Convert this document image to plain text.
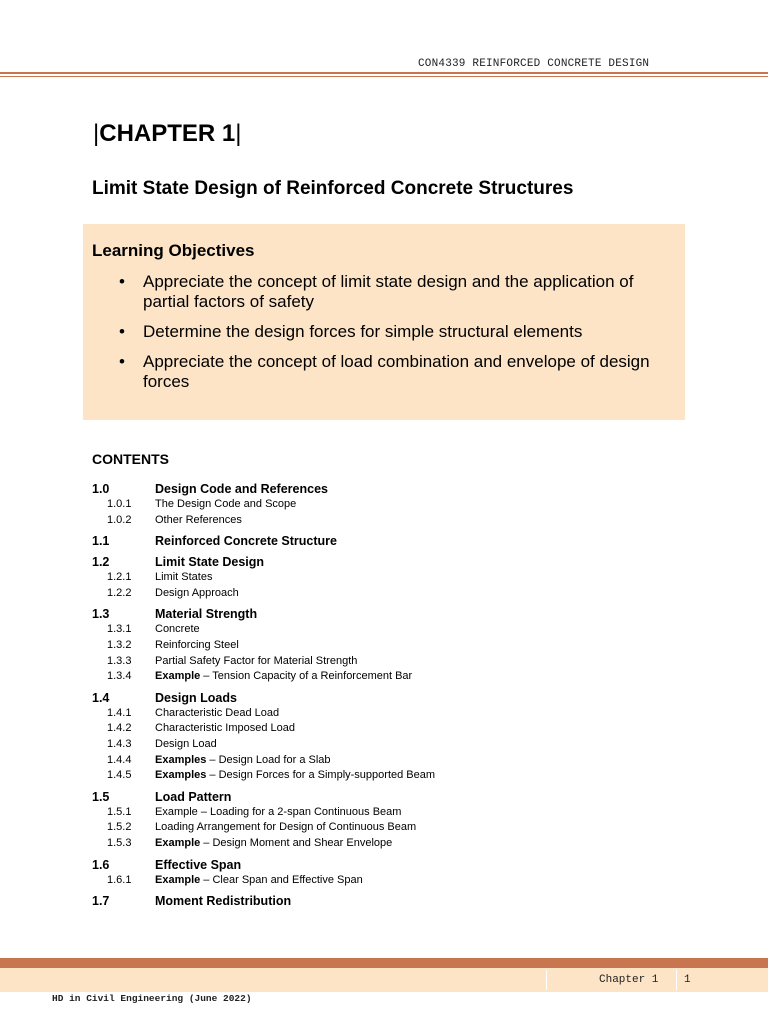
CON4339 REINFORCED CONCRETE DESIGN
|CHAPTER 1|
Limit State Design of Reinforced Concrete Structures
Learning Objectives
• Appreciate the concept of limit state design and the application of partial factors of safety
• Determine the design forces for simple structural elements
• Appreciate the concept of load combination and envelope of design forces
CONTENTS
1.0	Design Code and References
1.0.1 The Design Code and Scope
1.0.2 Other References
1.1	Reinforced Concrete Structure
1.2	Limit State Design
1.2.1 Limit States
1.2.2 Design Approach
1.3	Material Strength
1.3.1 Concrete
1.3.2 Reinforcing Steel
1.3.3 Partial Safety Factor for Material Strength
1.3.4 Example – Tension Capacity of a Reinforcement Bar
1.4	Design Loads
1.4.1 Characteristic Dead Load
1.4.2 Characteristic Imposed Load
1.4.3 Design Load
1.4.4 Examples – Design Load for a Slab
1.4.5 Examples – Design Forces for a Simply-supported Beam
1.5	Load Pattern
1.5.1 Example – Loading for a 2-span Continuous Beam
1.5.2 Loading Arrangement for Design of Continuous Beam
1.5.3 Example – Design Moment and Shear Envelope
1.6	Effective Span
1.6.1 Example – Clear Span and Effective Span
1.7	Moment Redistribution
Chapter 1 1
HD in Civil Engineering (June 2022)
